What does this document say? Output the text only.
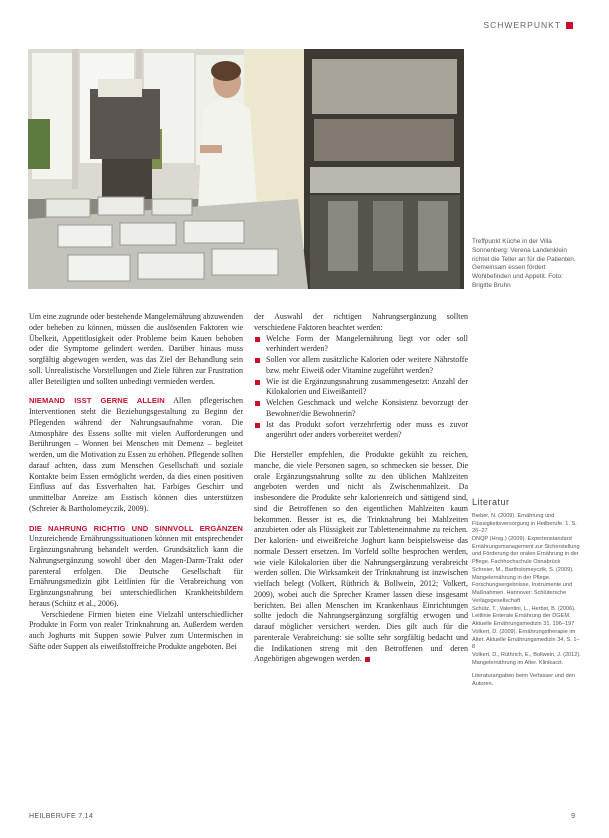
SCHWERPUNKT
Treffpunkt Küche in der Villa Sonnenberg: Verena Landenklein richtet die Teller an für die Patienten. Gemeinsam essen fördert Wohlbefinden und Appetit. Foto: Brigitte Bruhn

Um eine zugrunde oder bestehende Mangelernährung abzuwenden oder beheben zu können, müssen die auslösenden Faktoren wie Übelkeit, Appetitlosigkeit oder Probleme beim Kauen behoben oder die Symptome gelindert werden. Darüber hinaus muss sorgfältig abgewogen werden, was das Ziel der Behandlung sein soll. Unrealistische Vorstellungen und Ziele führen zur Frustration aller Beteiligten und sollten unbedingt vermieden werden.

NIEMAND ISST GERNE ALLEIN Allen pflegerischen Interventionen steht die Beziehungsgestaltung zu Beginn der Pflegenden während der Nahrungsaufnahme voran. Die Atmosphäre des Essens sollte mit vielen Aufforderungen und Berührungen – Wonnen bei Menschen mit Demenz – begleitet werden, um die Motivation zu Essen zu erhöhen. Pflegende sollten darauf achten, dass zum Menschen Gesellschaft und soziale Kontakte beim Essen ermöglicht werden, da dies einen positiven Einfluss auf das Essverhalten hat. Farbiges Geschirr und unmittelbar Anreize am Esstisch können dies unterstützen (Schreier & Bartholomeyczik, 2009).

DIE NAHRUNG RICHTIG UND SINNVOLL ERGÄNZEN Unzureichende Ernährungssituationen können mit entsprechender Ergänzungsnahrung behandelt werden. Grundsätzlich kann die Nahrungsergänzung sowohl über den Magen-Darm-Trakt oder parenteral erfolgen. Die Deutsche Gesellschaft für Ernährungsmedizin gibt Leitlinien für die Verabreichung von Ergänzungsnahrung bei unterschiedlichen Krankheitsbildern heraus (Schütz et al., 2006).

Verschiedene Firmen bieten eine Vielzahl unterschiedlicher Produkte in Form von realer Trinknahrung an. Außerdem werden auch Joghurts mit Suppen sowie Pulver zum Untermischen in Säfte oder Suppen als eiweißstoffreiche Produkte angeboten. Bei

der Auswahl der richtigen Nahrungsergänzung sollten verschiedene Faktoren beachtet werden:

Welche Form der Mangelernährung liegt vor oder soll verhindert werden?
Sollen vor allem zusätzliche Kalorien oder weitere Nährstoffe bzw. mehr Eiweiß oder Vitamine zugeführt werden?
Wie ist die Ergänzungsnahrung zusammengesetzt: Anzahl der Kilokalorien und Eiweißanteil?
Welchen Geschmack und welche Konsistenz bevorzugt der Bewohner/die Bewohnerin?
Ist das Produkt sofort verzehrfertig oder muss es zuvor angerührt oder anders vorbereitet werden?

Die Hersteller empfehlen, die Produkte gekühlt zu reichen, manche, die viele Personen sagen, so schmecken sie besser. Die orale Ergänzungsnahrung sollte zu den üblichen Mahlzeiten angeboten werden und nicht als Zwischenmahlzeit. Da insbesondere die Produkte sehr kalorienreich und sättigend sind, sind die Betroffenen so den eigentlichen Mahlzeiten kaum bekommen. Besser ist es, die Trinknahrung bei Mahlzeiten anzubieten oder als Flüssigkeit zur Tabletteneinnahme zu reichen. Der kalorien- und eiweißreiche Joghurt kann beispielsweise das normale Dessert ersetzen. Im Vorfeld sollte besprochen werden, wie viele Kilokalorien über die Nahrungsergänzung verabreicht werden sollen. Die Wirksamkeit der Trinknahrung ist inzwischen vielfach belegt (Volkert, Rüthrich & Bollwein, 2012; Volkert, 2009), wobei auch die Sprecher Kramer lassen diese insgesamt berichten. Bei allen Menschen im Krankenhaus Einrichtungen sollte jedoch die Nahrungsergänzung sorgfältig erwogen und darauf möglicher versichert werden. Dies gilt auch für die parenterale Verabreichung: sie sollte sehr sorgfältig bedacht und die Indikationen streng mit den Betroffenen und deren Angehörigen abgewogen werden.

Literatur

Bieber, N. (2009). Ernährung und Flüssigkeitsversorgung in Heilberufe. 1. S. 26–27

DNQP (Hrsg.) (2009). Expertenstandard Ernährungsmanagement zur Sicherstellung und Förderung der oralen Ernährung in der Pflege. Fachhochschule Osnabrück

Schreier, M., Bartholomeyczik, S. (2009). Mangelernährung in der Pflege. Forschungsergebnisse, Instrumente und Maßnahmen. Hannover: Schlütersche Verlagsgesellschaft

Schütz, T., Valentini, L., Herbst, B. (2006). Leitlinie Enterale Ernährung der DGEM. Aktuelle Ernährungsmedizin 31, 196–197

Volkert, D. (2009). Ernährungstherapie im Alter. Aktuelle Ernährungsmedizin 34, S. 1–8

Volkert, D., Rüthrich, E., Bollwein, J. (2012). Mangelernährung im Alter. Klinikarzt.

Literaturangaben beim Verfasser und den Autoren.

HEILBERUFE 7.14	9
